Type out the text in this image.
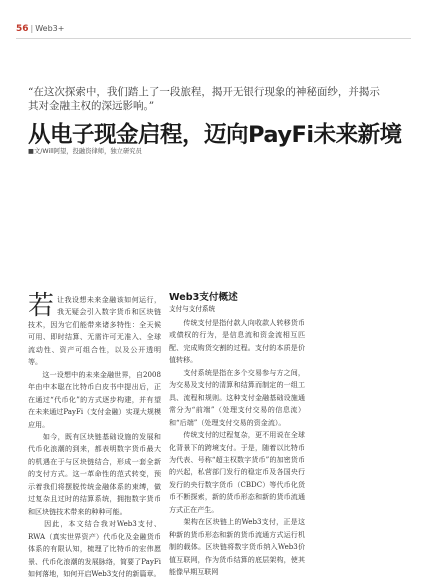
56 | Web3+
“在这次探索中，我们踏上了一段旅程，揭开无银行现象的神秘面纱，并揭示其对金融主权的深远影响。”
从电子现金启程，迈向PayFi未来新境
■文/Will阿望，投融资律师，独立研究员

若让我设想未来金融该如何运行，我无疑会引入数字货币和区块链技术，因为它们能带来诸多特性：全天候可用、即时结算、无需许可无准入、全球流动性、资产可组合性，以及公开透明等。

　　这一设想中的未来金融世界，自2008年由中本聪在比特币白皮书中提出后，正在通过“代币化”的方式逐步构建，并有望在未来通过PayFi（支付金融）实现大规模应用。

　　如今，既有区块链基础设施的发展和代币化浪潮的到来，都表明数字货币最大的机遇在于与区块链结合，形成一套全新的支付方式。这一革命性的范式转变，预示着我们将摆脱传统金融体系的束缚，做过复杂且过时的结算系统，拥抱数字货币和区块链技术带来的种种可能。

　　因此，本文结合我对Web3支付、RWA（真实世界资产）代币化及金融货币体系的有限认知，梳理了比特币的宏伟愿景、代币化浪潮的发展脉络，简要了PayFi如何落地，如何开启Web3支付的新篇章。

Web3支付概述

支付与支付系统

　　传统支付是指付款人向收款人转移货币或债权的行为，是信息流和资金流相互匹配、完成购货交割的过程。支付的本质是价值转移。

　　支付系统是指在多个交易参与方之间，为交易及支付的清算和结算而制定的一组工具、流程和规则。这种支付金融基础设施通常分为“前端”（处理支付交易的信息流）和“后端”（处理支付交易的资金流）。

　　传统支付的过程复杂，更不用说在全球化背景下的跨境支付。于是，随着以比特币为代表、号称“超主权数字货币”的加密货币的兴起，私营部门发行的稳定币及各国央行发行的央行数字货币（CBDC）等代币化货币不断探索，新的货币形态和新的货币流通方式正在产生。

　　架构在区块链上的Web3支付，正是这种新的货币形态和新的货币流通方式运行机制的载体。区块链将数字货币纳入Web3价值互联网，作为货币结算的底层架构，使其能像早期互联网
